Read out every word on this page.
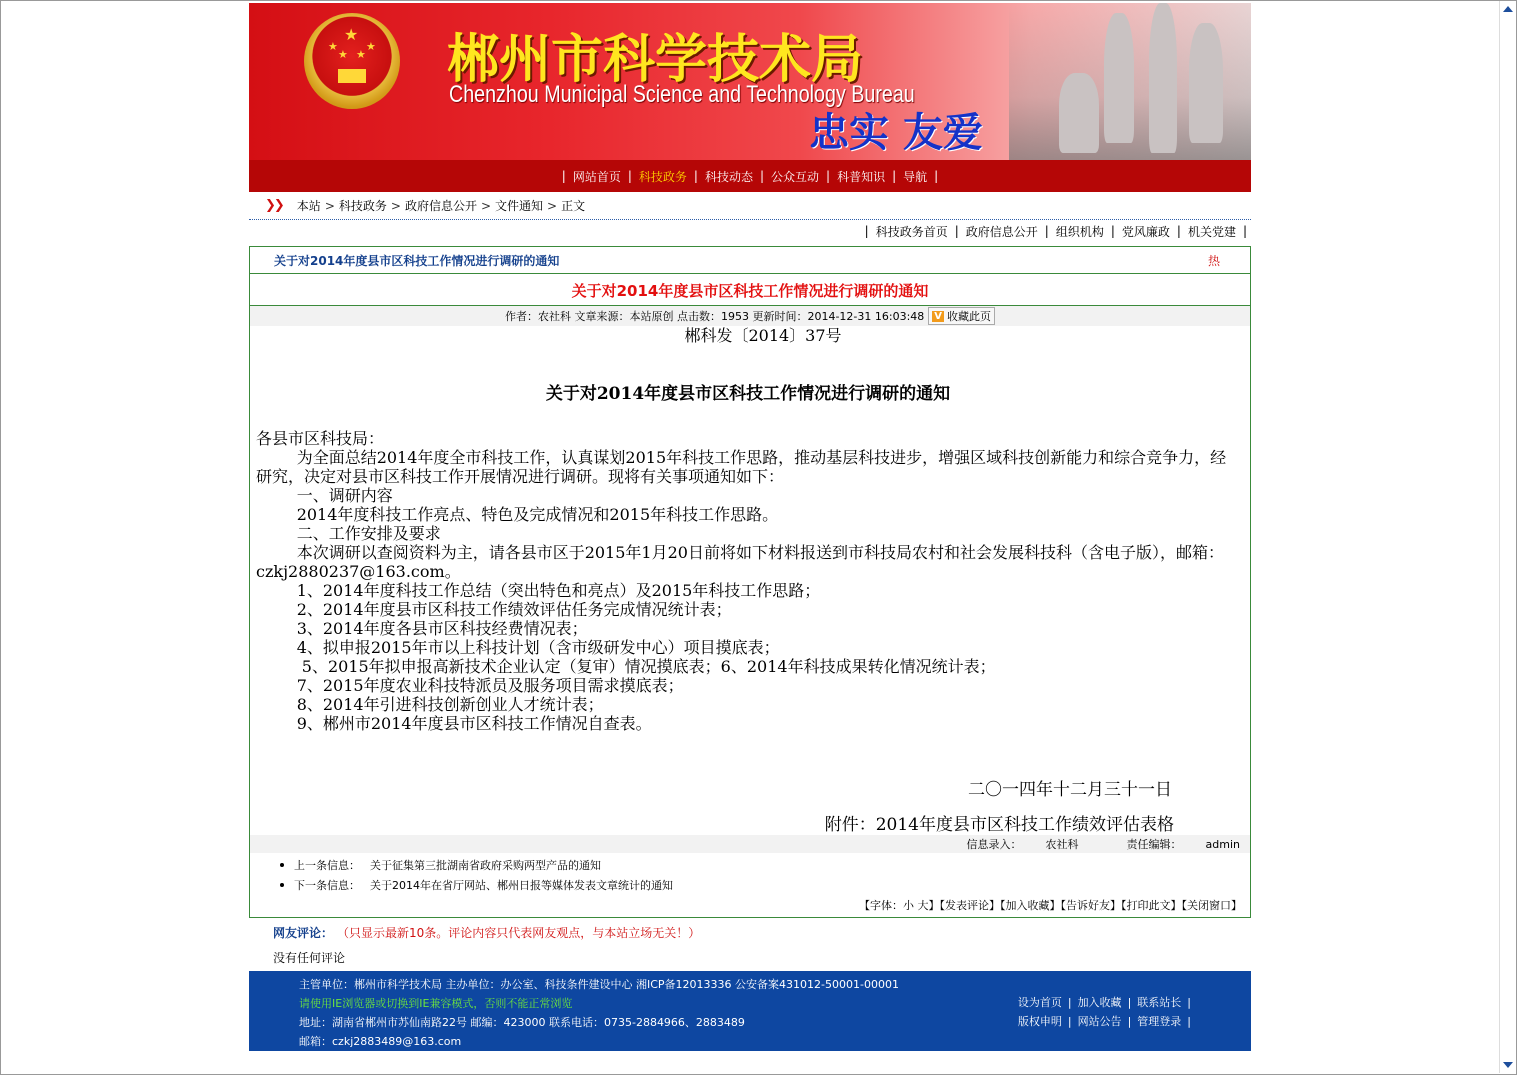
★
★
★ ★
★ 郴州市科学技术局
Chenzhou Municipal Science and Technology Bureau
忠实 友爱
| 网站首页 | 科技政务 | 科技动态 | 公众互动 | 科普知识 | 导航 |
❯❯ 本站 > 科技政务 > 政府信息公开 > 文件通知 > 正文
| 科技政务首页 | 政府信息公开 | 组织机构 | 党风廉政 | 机关党建 |
关于对2014年度县市区科技工作情况进行调研的通知	热
关于对2014年度县市区科技工作情况进行调研的通知
作者： 农社科
文章来源： 本站原创
点击数： 1953
更新时间： 2014-12-31 16:03:48 V 收藏此页
郴科发〔2014〕37号
关于对2014年度县市区科技工作情况进行调研的通知
各县市区科技局：
为全面总结2014年度全市科技工作，认真谋划2015年科技工作思路，推动基层科技进步，增强区域科技创新能力和综合竞争力，经研究，决定对县市区科技工作开展情况进行调研。现将有关事项通知如下：
一、调研内容
2014年度科技工作亮点、特色及完成情况和2015年科技工作思路。
二、工作安排及要求
本次调研以查阅资料为主，请各县市区于2015年1月20日前将如下材料报送到市科技局农村和社会发展科技科（含电子版），邮箱：czkj2880237@163.com。
1、2014年度科技工作总结（突出特色和亮点）及2015年科技工作思路；
2、2014年度县市区科技工作绩效评估任务完成情况统计表；
3、2014年度各县市区科技经费情况表；
4、拟申报2015年市以上科技计划（含市级研发中心）项目摸底表；
5、2015年拟申报高新技术企业认定（复审）情况摸底表；6、2014年科技成果转化情况统计表；
7、2015年度农业科技特派员及服务项目需求摸底表；
8、2014年引进科技创新创业人才统计表；
9、郴州市2014年度县市区科技工作情况自查表。
二〇一四年十二月三十一日
附件：2014年度县市区科技工作绩效评估表格
信息录入： 农社科	责任编辑： admin
上一条信息： 关于征集第三批湖南省政府采购两型产品的通知
下一条信息： 关于2014年在省厅网站、郴州日报等媒体发表文章统计的通知
【字体：小 大】【发表评论】【加入收藏】【告诉好友】【打印此文】【关闭窗口】
网友评论： （只显示最新10条。评论内容只代表网友观点，与本站立场无关！）
没有任何评论
主管单位：郴州市科学技术局 主办单位：办公室、科技条件建设中心 湘ICP备12013336 公安备案431012-50001-00001
请使用IE浏览器或切换到IE兼容模式，否则不能正常浏览
地址：湖南省郴州市苏仙南路22号 邮编：423000 联系电话：0735-2884966、2883489
邮箱：czkj2883489@163.com
设为首页 | 加入收藏 | 联系站长 |
版权申明 | 网站公告 | 管理登录 |
